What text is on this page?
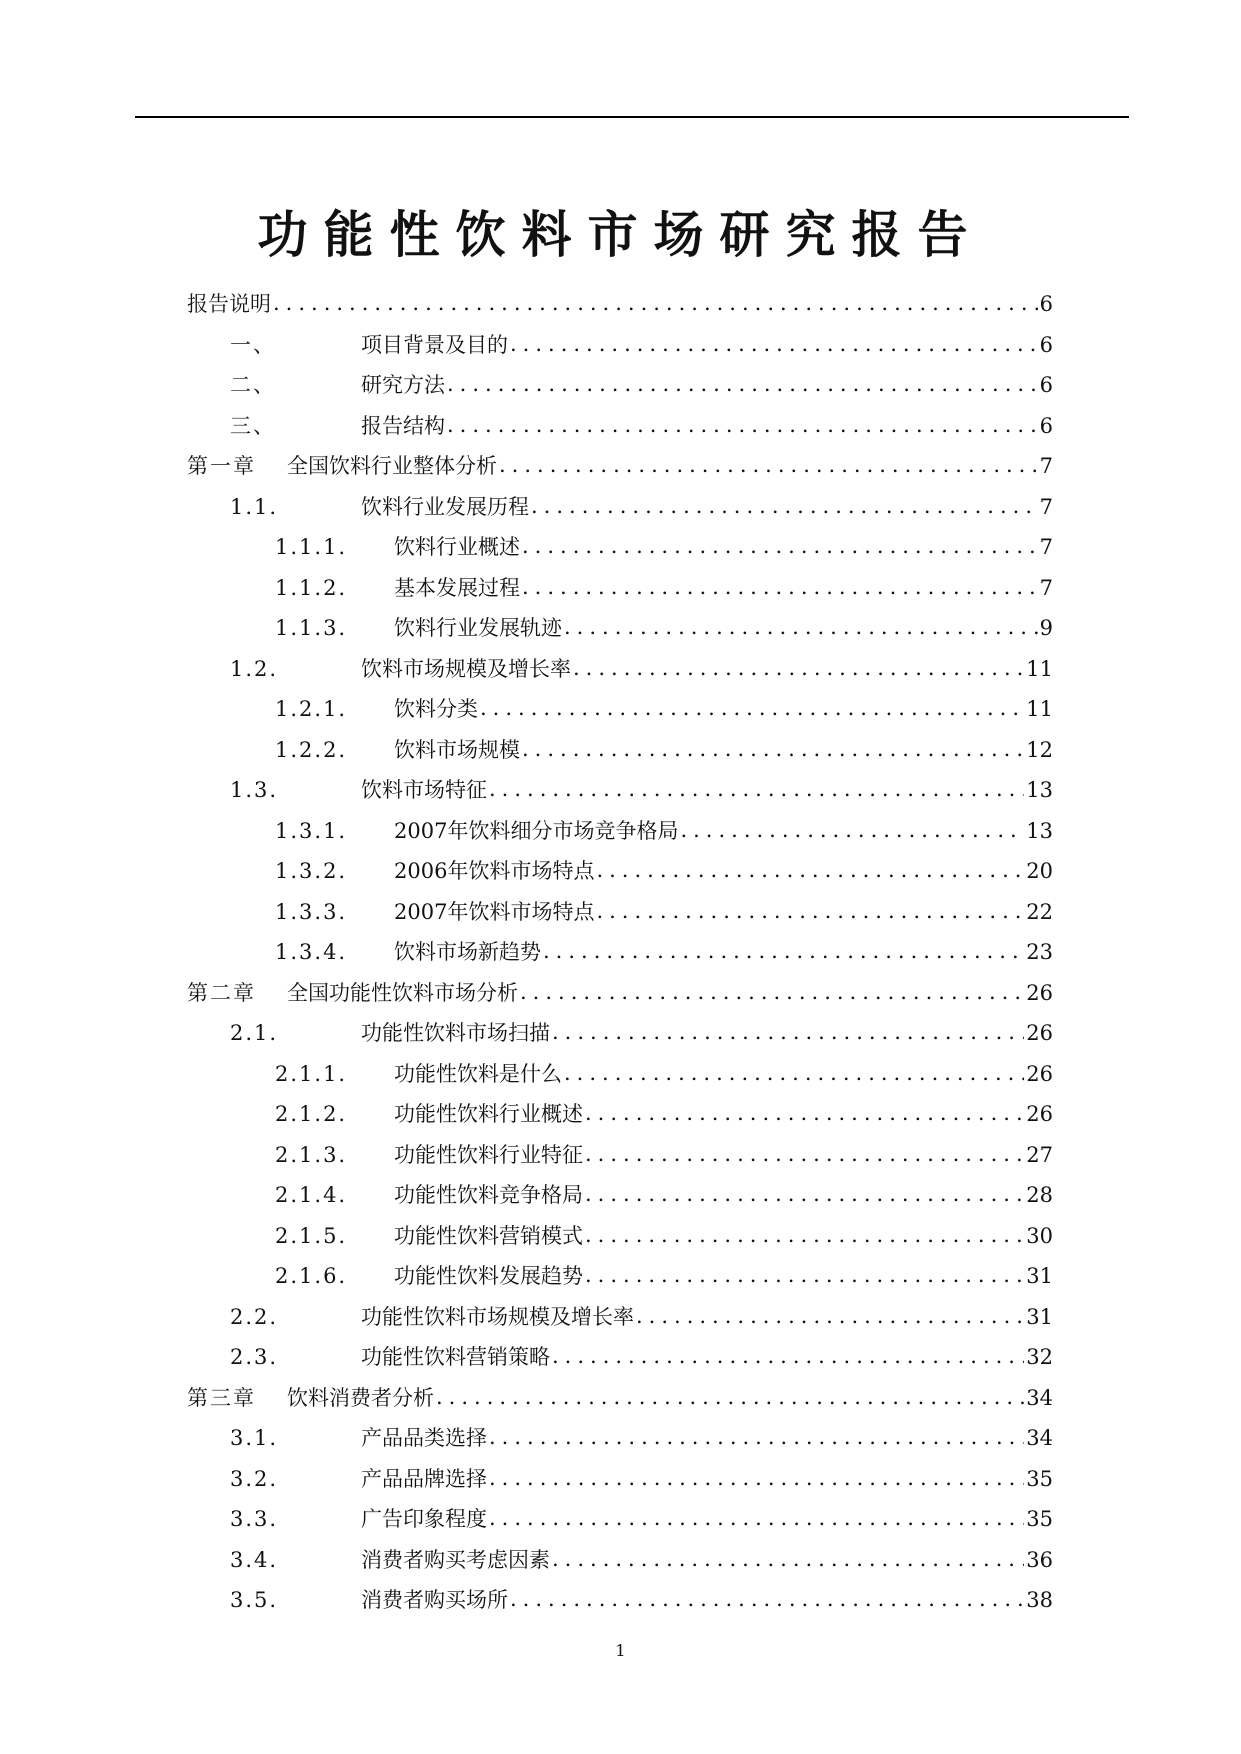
功能性饮料市场研究报告
报告说明 .....	6
一、	项目背景及目的 .....	6
二、	研究方法 .....	6
三、	报告结构 .....	6
第一章	全国饮料行业整体分析 .....	7
1.1.	饮料行业发展历程 .....	7
1.1.1.	饮料行业概述 .....	7
1.1.2.	基本发展过程 .....	7
1.1.3.	饮料行业发展轨迹 .....	9
1.2.	饮料市场规模及增长率 .....	11
1.2.1.	饮料分类 .....	11
1.2.2.	饮料市场规模 .....	12
1.3.	饮料市场特征 .....	13
1.3.1.	2007年饮料细分市场竞争格局 .....	13
1.3.2.	2006年饮料市场特点 .....	20
1.3.3.	2007年饮料市场特点 .....	22
1.3.4.	饮料市场新趋势 .....	23
第二章	全国功能性饮料市场分析 .....	26
2.1.	功能性饮料市场扫描 .....	26
2.1.1.	功能性饮料是什么 .....	26
2.1.2.	功能性饮料行业概述 .....	26
2.1.3.	功能性饮料行业特征 .....	27
2.1.4.	功能性饮料竞争格局 .....	28
2.1.5.	功能性饮料营销模式 .....	30
2.1.6.	功能性饮料发展趋势 .....	31
2.2.	功能性饮料市场规模及增长率 .....	31
2.3.	功能性饮料营销策略 .....	32
第三章	饮料消费者分析 .....	34
3.1.	产品品类选择 .....	34
3.2.	产品品牌选择 .....	35
3.3.	广告印象程度 .....	35
3.4.	消费者购买考虑因素 .....	36
3.5.	消费者购买场所 .....	38
1
